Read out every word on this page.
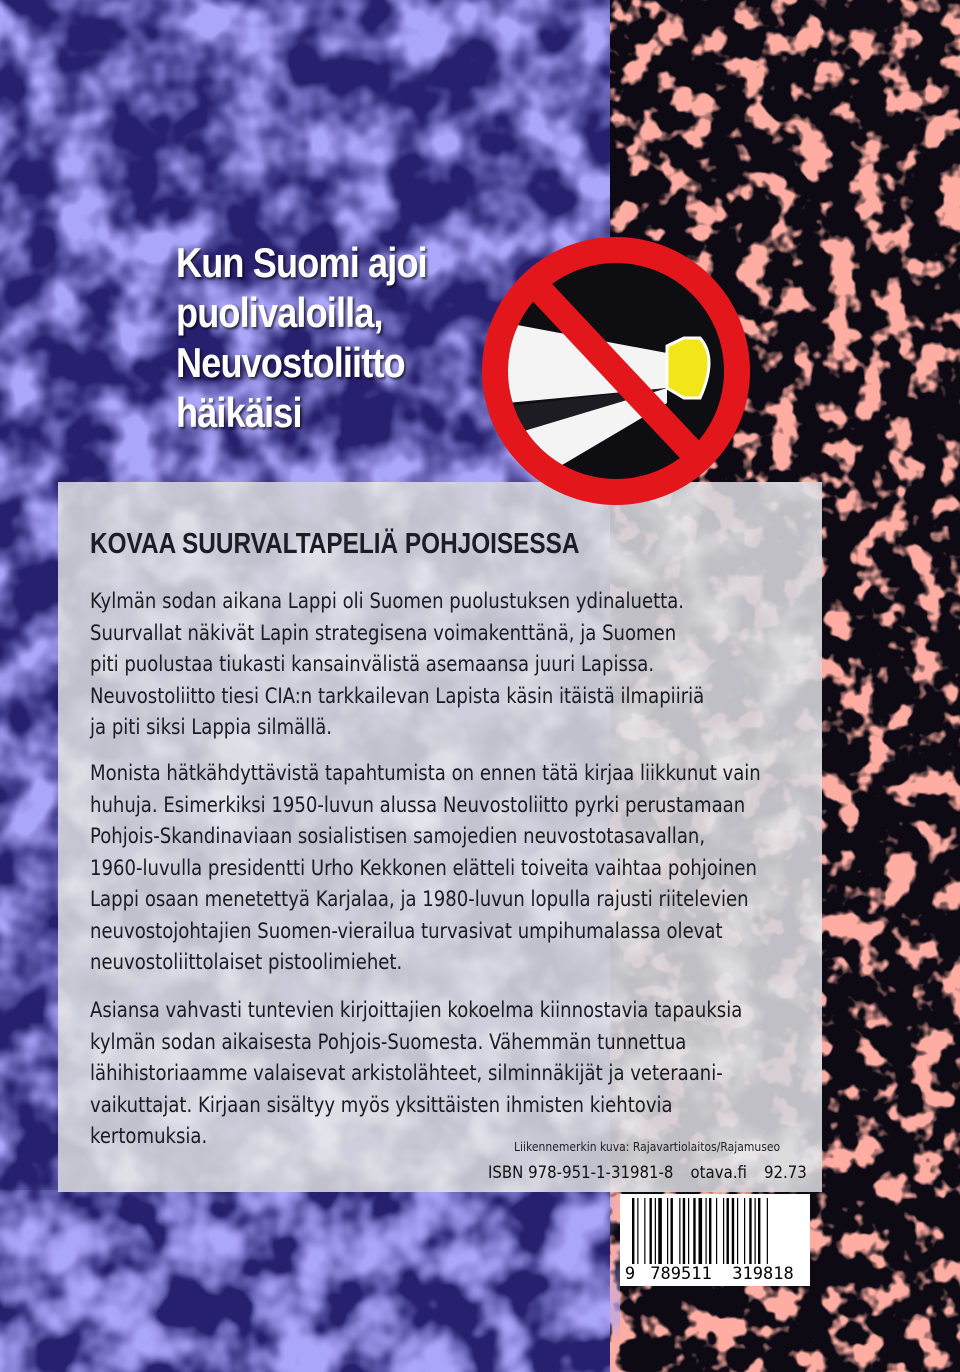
Kun Suomi ajoi
puolivaloilla,
Neuvostoliitto
häikäisi
KOVAA SUURVALTAPELIÄ POHJOISESSA
Kylmän sodan aikana Lappi oli Suomen puolustuksen ydinaluetta.
Suurvallat näkivät Lapin strategisena voimakenttänä, ja Suomen
piti puolustaa tiukasti kansainvälistä asemaansa juuri Lapissa.
Neuvostoliitto tiesi CIA:n tarkkailevan Lapista käsin itäistä ilmapiiriä
ja piti siksi Lappia silmällä.
Monista hätkähdyttävistä tapahtumista on ennen tätä kirjaa liikkunut vain
huhuja. Esimerkiksi 1950-luvun alussa Neuvostoliitto pyrki perustamaan
Pohjois-Skandinaviaan sosialistisen samojedien neuvostotasavallan,
1960-luvulla presidentti Urho Kekkonen elätteli toiveita vaihtaa pohjoinen
Lappi osaan menetettyä Karjalaa, ja 1980-luvun lopulla rajusti riitelevien
neuvostojohtajien Suomen-vierailua turvasivat umpihumalassa olevat
neuvostoliittolaiset pistoolimiehet.
Asiansa vahvasti tuntevien kirjoittajien kokoelma kiinnostavia tapauksia
kylmän sodan aikaisesta Pohjois-Suomesta. Vähemmän tunnettua
lähihistoriaamme valaisevat arkistolähteet, silminnäkijät ja veteraani-
vaikuttajat. Kirjaan sisältyy myös yksittäisten ihmisten kiehtovia
kertomuksia.	Liikennemerkin kuva: Rajavartiolaitos/Rajamuseo
ISBN 978-951-1-31981-8 otava.fi 92.73
9 789511	319818
